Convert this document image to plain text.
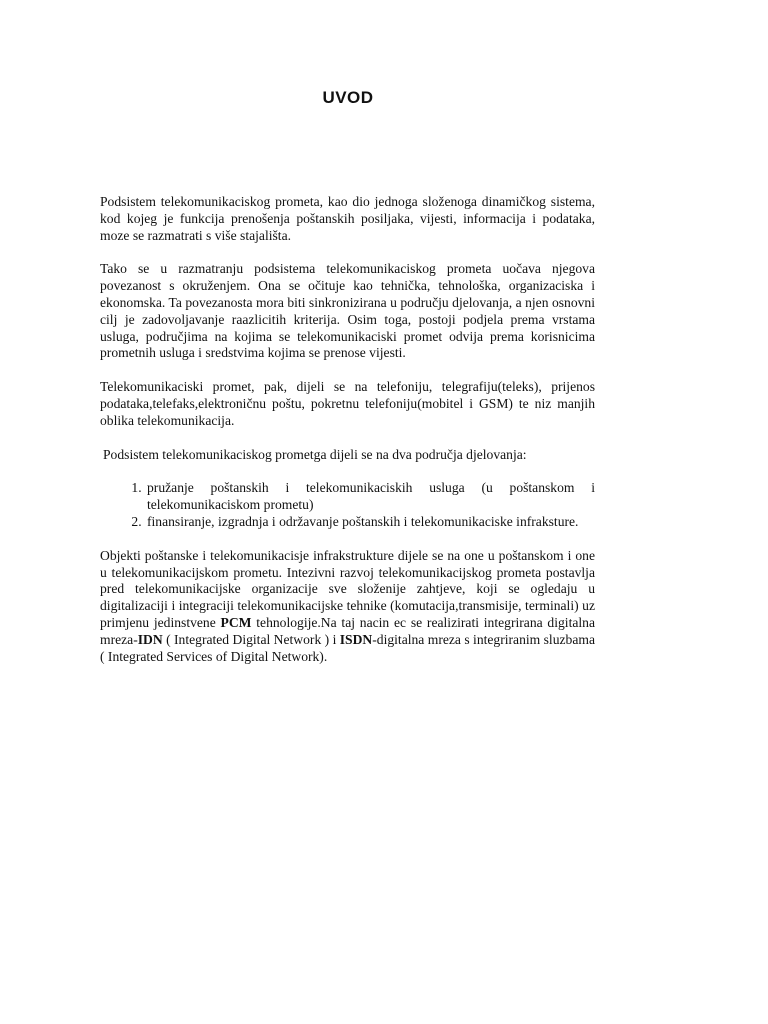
UVOD

Podsistem telekomunikaciskog prometa, kao dio jednoga složenoga dinamičkog sistema, kod kojeg je funkcija prenošenja poštanskih posiljaka, vijesti, informacija i podataka, moze se razmatrati s više stajališta.

Tako se u razmatranju podsistema telekomunikaciskog prometa uočava njegova povezanost s okruženjem. Ona se očituje kao tehnička, tehnološka, organizaciska i ekonomska. Ta povezanosta mora biti sinkronizirana u području djelovanja, a njen osnovni cilj je zadovoljavanje raazlicitih kriterija. Osim toga, postoji podjela prema vrstama usluga, područjima na kojima se telekomunikaciski promet odvija prema korisnicima prometnih usluga i sredstvima kojima se prenose vijesti.

Telekomunikaciski promet, pak, dijeli se na telefoniju, telegrafiju(teleks), prijenos podataka,telefaks,elektroničnu poštu, pokretnu telefoniju(mobitel i GSM) te niz manjih oblika telekomunikacija.

Podsistem telekomunikaciskog prometga dijeli se na dva područja djelovanja:

1. pružanje poštanskih i telekomunikaciskih usluga (u poštanskom i telekomunikaciskom prometu)
2. finansiranje, izgradnja i održavanje poštanskih i telekomunikaciske infraksture.

Objekti poštanske i telekomunikacisje infrakstrukture dijele se na one u poštanskom i one u telekomunikacijskom prometu. Intezivni razvoj telekomunikacijskog prometa postavlja pred telekomunikacijske organizacije sve složenije zahtjeve, koji se ogledaju u digitalizaciji i integraciji telekomunikacijske tehnike (komutacija,transmisije, terminali) uz primjenu jedinstvene PCM tehnologije.Na taj nacin ec se realizirati integrirana digitalna mreza-IDN ( Integrated Digital Network ) i ISDN-digitalna mreza s integriranim sluzbama ( Integrated Services of Digital Network).
